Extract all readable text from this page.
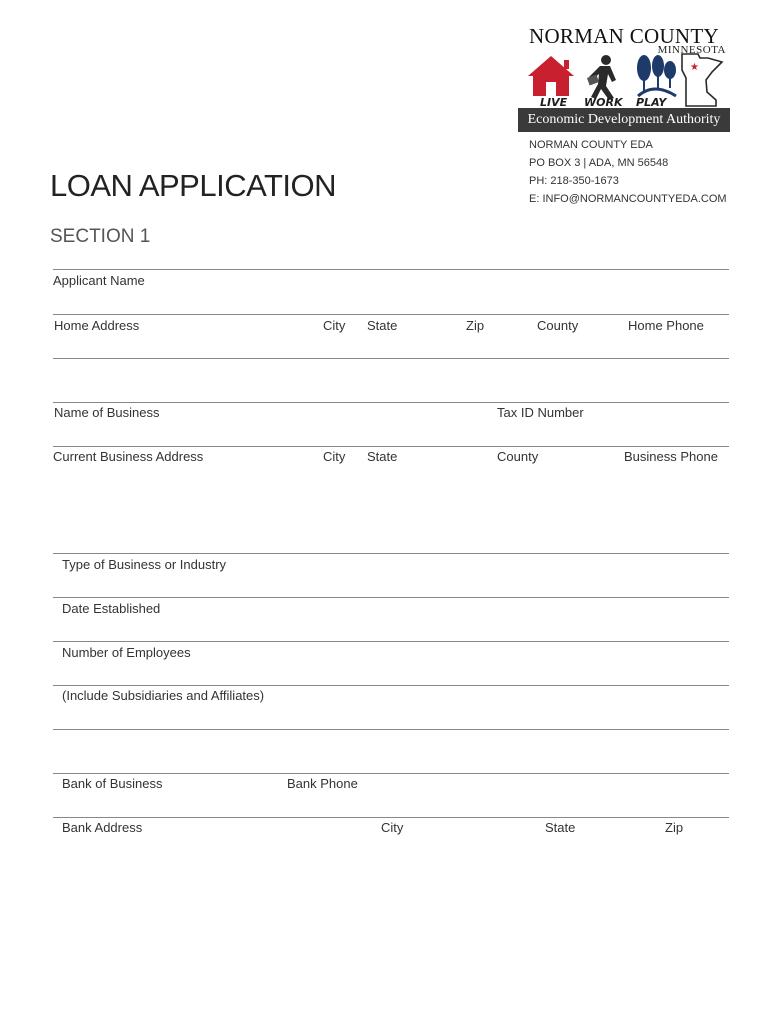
NORMAN COUNTY
MINNESOTA
★
LIVE WORK PLAY
Economic Development Authority
NORMAN COUNTY EDA
PO BOX 3 | ADA, MN 56548
PH: 218-350-1673
E: INFO@NORMANCOUNTYEDA.COM
LOAN APPLICATION
SECTION 1
Applicant Name
Home Address	City State	Zip	County	Home Phone
Name of Business	Tax ID Number
Current Business Address	City State	County	Business Phone
Type of Business or Industry
Date Established
Number of Employees
(Include Subsidiaries and Affiliates)
Bank of Business	Bank Phone
Bank Address	City	State	Zip
